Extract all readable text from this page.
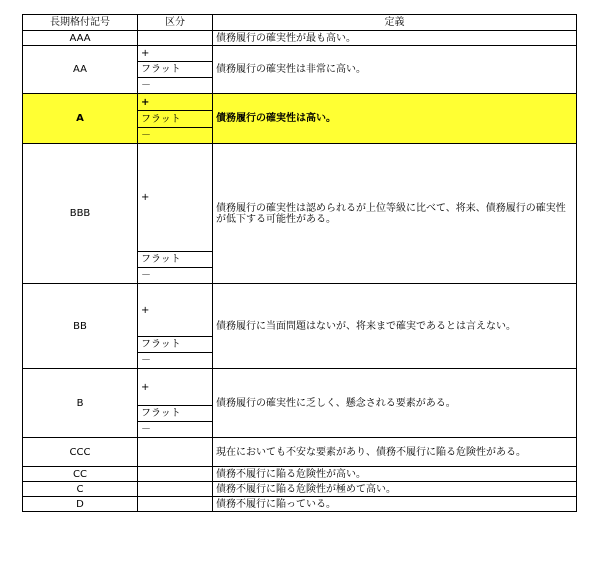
長期格付記号	区分	定義
AAA		債務履行の確実性が最も高い。
AA	+	債務履行の確実性は非常に高い。
	フラット	
	－	
A	+	債務履行の確実性は高い。
	フラット	
	－	
BBB	+	債務履行の確実性は認められるが上位等級に比べて、将来、債務履行の確実性が低下する可能性がある。
	フラット	
	－	
BB	+	債務履行に当面問題はないが、将来まで確実であるとは言えない。
	フラット	
	－	
B	+	債務履行の確実性に乏しく、懸念される要素がある。
	フラット	
	－	
CCC		現在においても不安な要素があり、債務不履行に陥る危険性がある。
CC		債務不履行に陥る危険性が高い。
C		債務不履行に陥る危険性が極めて高い。
D		債務不履行に陥っている。
